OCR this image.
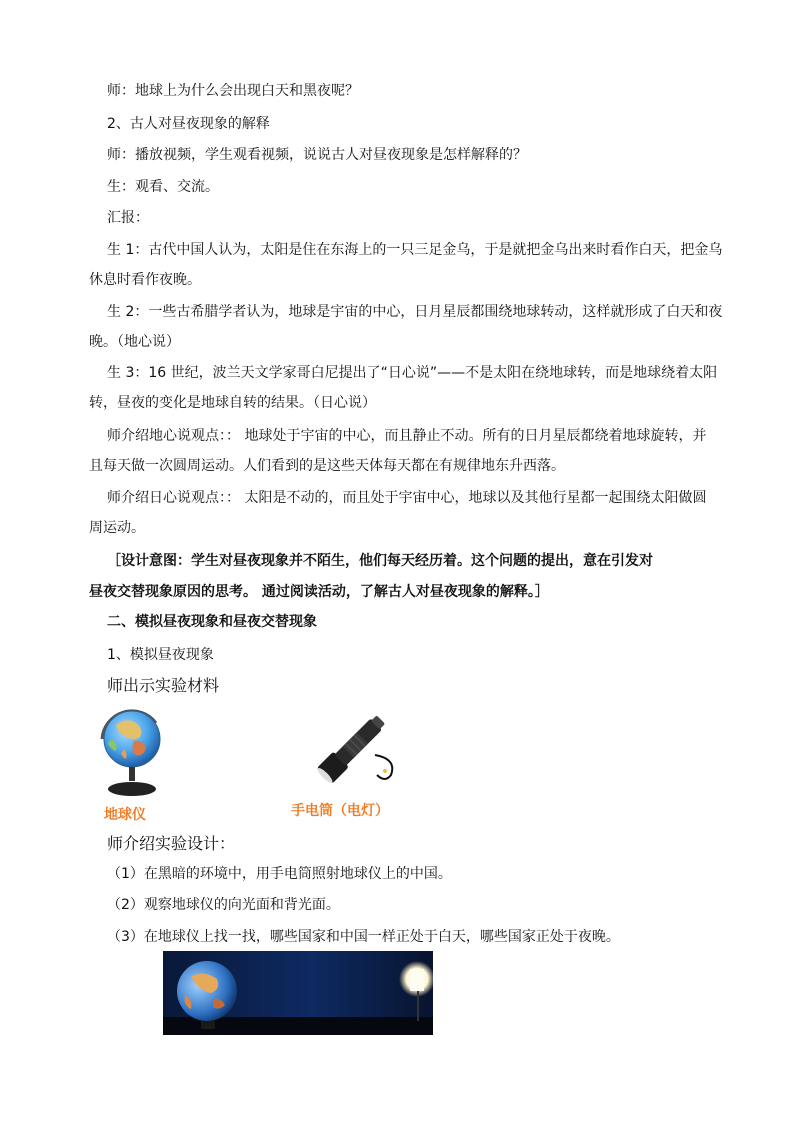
师：地球上为什么会出现白天和黑夜呢？

2、古人对昼夜现象的解释

师：播放视频，学生观看视频，说说古人对昼夜现象是怎样解释的？

生：观看、交流。

汇报：

生 1：古代中国人认为，太阳是住在东海上的一只三足金乌，于是就把金乌出来时看作白天，把金乌

休息时看作夜晚。

生 2：一些古希腊学者认为，地球是宇宙的中心，日月星辰都围绕地球转动，这样就形成了白天和夜

晚。（地心说）

生 3：16 世纪，波兰天文学家哥白尼提出了“日心说”——不是太阳在绕地球转，而是地球绕着太阳

转，昼夜的变化是地球自转的结果。（日心说）

师介绍地心说观点：： 地球处于宇宙的中心，而且静止不动。所有的日月星辰都绕着地球旋转，并

且每天做一次圆周运动。人们看到的是这些天体每天都在有规律地东升西落。

师介绍日心说观点：： 太阳是不动的，而且处于宇宙中心，地球以及其他行星都一起围绕太阳做圆

周运动。

［设计意图：学生对昼夜现象并不陌生，他们每天经历着。这个问题的提出，意在引发对

昼夜交替现象原因的思考。 通过阅读活动，了解古人对昼夜现象的解释。］

二、模拟昼夜现象和昼夜交替现象

1、模拟昼夜现象

师出示实验材料

地球仪	手电筒（电灯）

师介绍实验设计：

（1）在黑暗的环境中，用手电筒照射地球仪上的中国。

（2）观察地球仪的向光面和背光面。

（3）在地球仪上找一找，哪些国家和中国一样正处于白天，哪些国家正处于夜晚。
